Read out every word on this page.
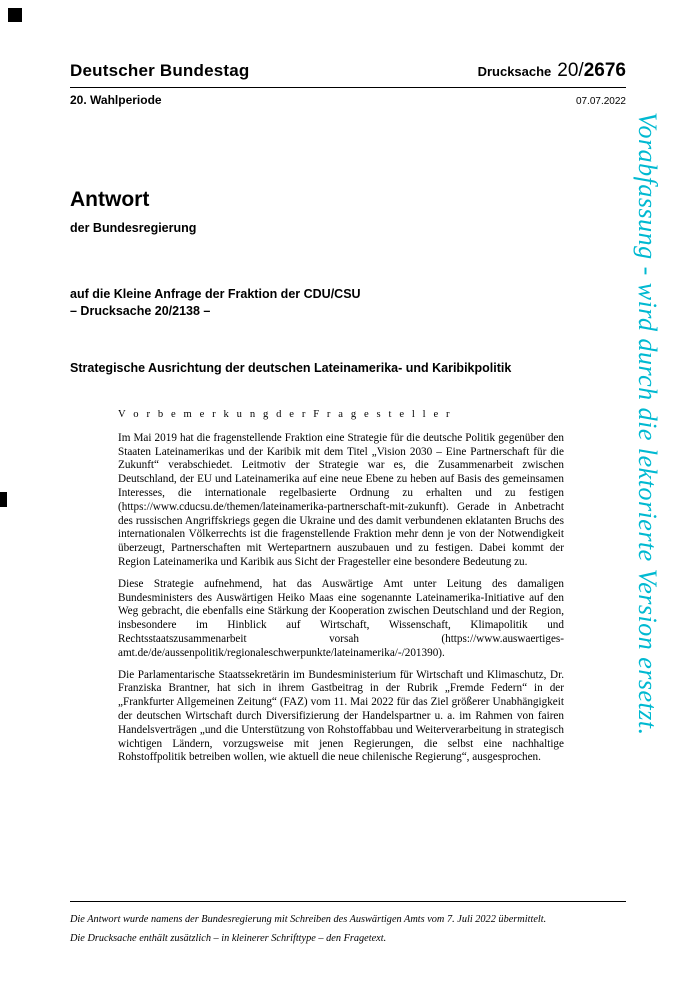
Deutscher Bundestag	Drucksache 20/2676
20. Wahlperiode	07.07.2022
Antwort
der Bundesregierung
auf die Kleine Anfrage der Fraktion der CDU/CSU
– Drucksache 20/2138 –
Strategische Ausrichtung der deutschen Lateinamerika- und Karibikpolitik
V o r b e m e r k u n g d e r F r a g e s t e l l e r

Im Mai 2019 hat die fragenstellende Fraktion eine Strategie für die deutsche Politik gegenüber den Staaten Lateinamerikas und der Karibik mit dem Titel „Vision 2030 – Eine Partnerschaft für die Zukunft“ verabschiedet. Leitmotiv der Strategie war es, die Zusammenarbeit zwischen Deutschland, der EU und Lateinamerika auf eine neue Ebene zu heben auf Basis des gemeinsamen Interesses, die internationale regelbasierte Ordnung zu erhalten und zu festigen (https://www.cducsu.de/themen/lateinamerika-partnerschaft-mit-zukunft). Gerade in Anbetracht des russischen Angriffskriegs gegen die Ukraine und des damit verbundenen eklatanten Bruchs des internationalen Völkerrechts ist die fragenstellende Fraktion mehr denn je von der Notwendigkeit überzeugt, Partnerschaften mit Wertepartnern auszubauen und zu festigen. Dabei kommt der Region Lateinamerika und Karibik aus Sicht der Fragesteller eine besondere Bedeutung zu.

Diese Strategie aufnehmend, hat das Auswärtige Amt unter Leitung des damaligen Bundesministers des Auswärtigen Heiko Maas eine sogenannte Lateinamerika-Initiative auf den Weg gebracht, die ebenfalls eine Stärkung der Kooperation zwischen Deutschland und der Region, insbesondere im Hinblick auf Wirtschaft, Wissenschaft, Klimapolitik und Rechtsstaatszusammenarbeit vorsah (https://www.auswaertiges-amt.de/de/aussenpolitik/regionaleschwerpunkte/lateinamerika/-/201390).

Die Parlamentarische Staatssekretärin im Bundesministerium für Wirtschaft und Klimaschutz, Dr. Franziska Brantner, hat sich in ihrem Gastbeitrag in der Rubrik „Fremde Federn“ in der „Frankfurter Allgemeinen Zeitung“ (FAZ) vom 11. Mai 2022 für das Ziel größerer Unabhängigkeit der deutschen Wirtschaft durch Diversifizierung der Handelspartner u. a. im Rahmen von fairen Handelsverträgen „und die Unterstützung von Rohstoffabbau und Weiterverarbeitung in strategisch wichtigen Ländern, vorzugsweise mit jenen Regierungen, die selbst eine nachhaltige Rohstoffpolitik betreiben wollen, wie aktuell die neue chilenische Regierung“, ausgesprochen.

Die Antwort wurde namens der Bundesregierung mit Schreiben des Auswärtigen Amts vom 7. Juli 2022 übermittelt.
Die Drucksache enthält zusätzlich – in kleinerer Schrifttype – den Fragetext.
Vorabfassung - wird durch die lektorierte Version ersetzt.
